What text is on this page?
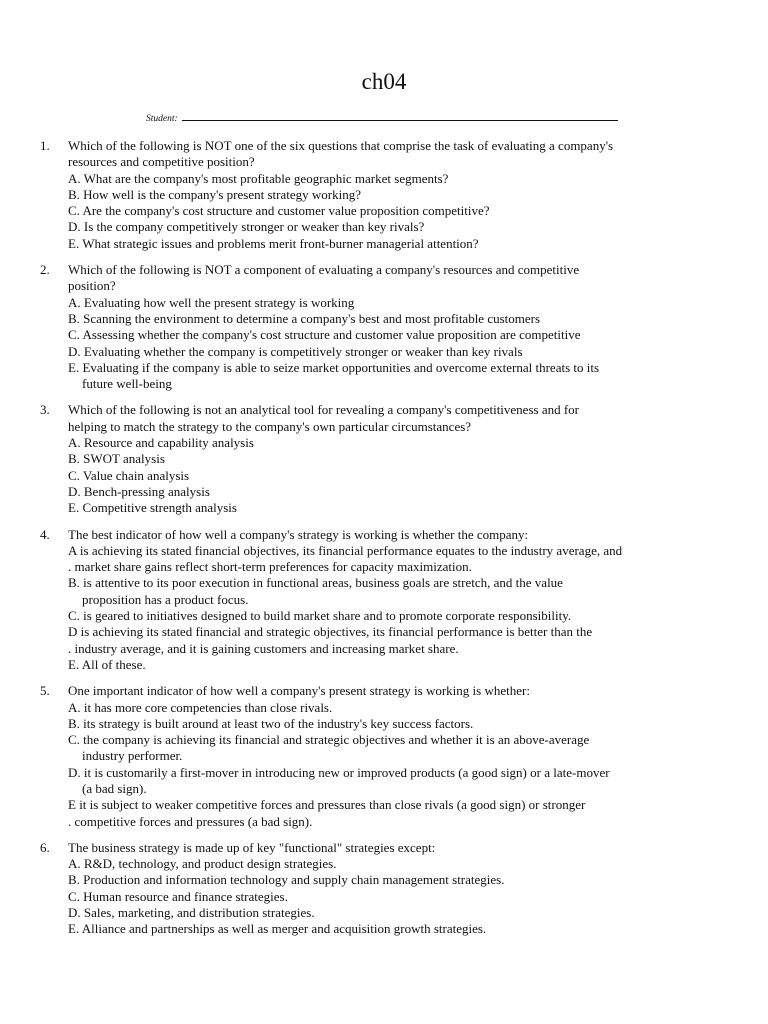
ch04
Student:
1. Which of the following is NOT one of the six questions that comprise the task of evaluating a company's
resources and competitive position?
A. What are the company's most profitable geographic market segments?
B. How well is the company's present strategy working?
C. Are the company's cost structure and customer value proposition competitive?
D. Is the company competitively stronger or weaker than key rivals?
E. What strategic issues and problems merit front-burner managerial attention?
2. Which of the following is NOT a component of evaluating a company's resources and competitive
position?
A. Evaluating how well the present strategy is working
B. Scanning the environment to determine a company's best and most profitable customers
C. Assessing whether the company's cost structure and customer value proposition are competitive
D. Evaluating whether the company is competitively stronger or weaker than key rivals
E. Evaluating if the company is able to seize market opportunities and overcome external threats to its
future well-being
3. Which of the following is not an analytical tool for revealing a company's competitiveness and for
helping to match the strategy to the company's own particular circumstances?
A. Resource and capability analysis
B. SWOT analysis
C. Value chain analysis
D. Bench-pressing analysis
E. Competitive strength analysis
4. The best indicator of how well a company's strategy is working is whether the company:
A is achieving its stated financial objectives, its financial performance equates to the industry average, and
. market share gains reflect short-term preferences for capacity maximization.
B. is attentive to its poor execution in functional areas, business goals are stretch, and the value
proposition has a product focus.
C. is geared to initiatives designed to build market share and to promote corporate responsibility.
D is achieving its stated financial and strategic objectives, its financial performance is better than the
. industry average, and it is gaining customers and increasing market share.
E. All of these.
5. One important indicator of how well a company's present strategy is working is whether:
A. it has more core competencies than close rivals.
B. its strategy is built around at least two of the industry's key success factors.
C. the company is achieving its financial and strategic objectives and whether it is an above-average
industry performer.
D. it is customarily a first-mover in introducing new or improved products (a good sign) or a late-mover
(a bad sign).
E it is subject to weaker competitive forces and pressures than close rivals (a good sign) or stronger
. competitive forces and pressures (a bad sign).
6. The business strategy is made up of key "functional" strategies except:
A. R&D, technology, and product design strategies.
B. Production and information technology and supply chain management strategies.
C. Human resource and finance strategies.
D. Sales, marketing, and distribution strategies.
E. Alliance and partnerships as well as merger and acquisition growth strategies.
